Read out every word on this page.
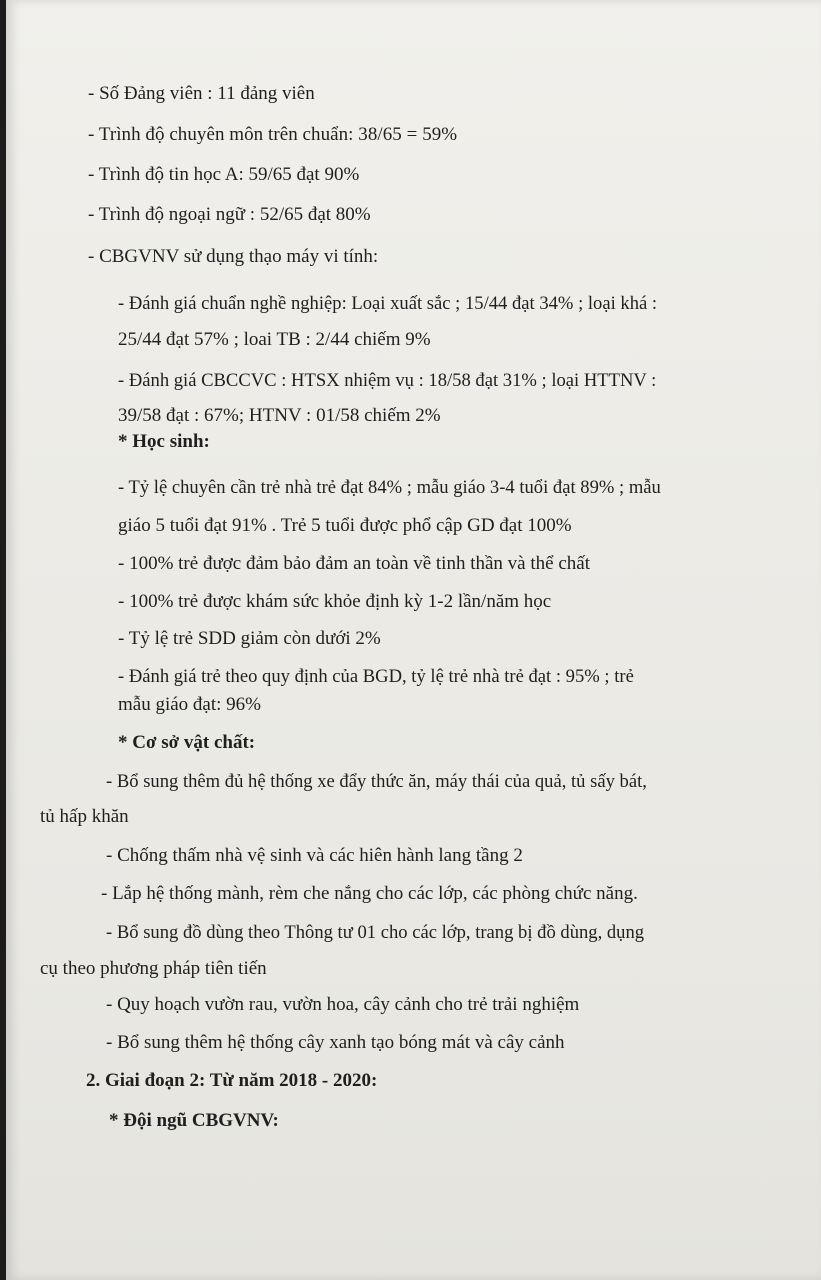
- Số Đảng viên : 11 đảng viên
- Trình độ chuyên môn trên chuẩn: 38/65 = 59%
- Trình độ tin học A: 59/65 đạt 90%
- Trình độ ngoại ngữ : 52/65 đạt 80%
- CBGVNV sử dụng thạo máy vi tính:
- Đánh giá chuẩn nghề nghiệp: Loại xuất sắc ; 15/44 đạt 34% ; loại khá :
25/44 đạt 57% ; loai TB : 2/44 chiếm 9%
- Đánh giá CBCCVC : HTSX nhiệm vụ : 18/58 đạt 31% ; loại HTTNV :
39/58 đạt : 67%; HTNV : 01/58 chiếm 2%
* Học sinh:
- Tỷ lệ chuyên cần trẻ nhà trẻ đạt 84% ; mẫu giáo 3-4 tuổi đạt 89% ; mẫu
giáo 5 tuổi đạt 91% . Trẻ 5 tuổi được phổ cập GD đạt 100%
- 100% trẻ được đảm bảo đảm an toàn về tinh thần và thể chất
- 100% trẻ được khám sức khỏe định kỳ 1-2 lần/năm học
- Tỷ lệ trẻ SDD giảm còn dưới 2%
- Đánh giá trẻ theo quy định của BGD, tỷ lệ trẻ nhà trẻ đạt : 95% ; trẻ
mẫu giáo đạt: 96%
* Cơ sở vật chất:
- Bổ sung thêm đủ hệ thống xe đẩy thức ăn, máy thái của quả, tủ sấy bát,
tủ hấp khăn
- Chống thấm nhà vệ sinh và các hiên hành lang tầng 2
- Lắp hệ thống mành, rèm che nắng cho các lớp, các phòng chức năng.
- Bổ sung đồ dùng theo Thông tư 01 cho các lớp, trang bị đồ dùng, dụng
cụ theo phương pháp tiên tiến
- Quy hoạch vườn rau, vườn hoa, cây cảnh cho trẻ trải nghiệm
- Bổ sung thêm hệ thống cây xanh tạo bóng mát và cây cảnh
2. Giai đoạn 2: Từ năm 2018 - 2020:
* Đội ngũ CBGVNV:
